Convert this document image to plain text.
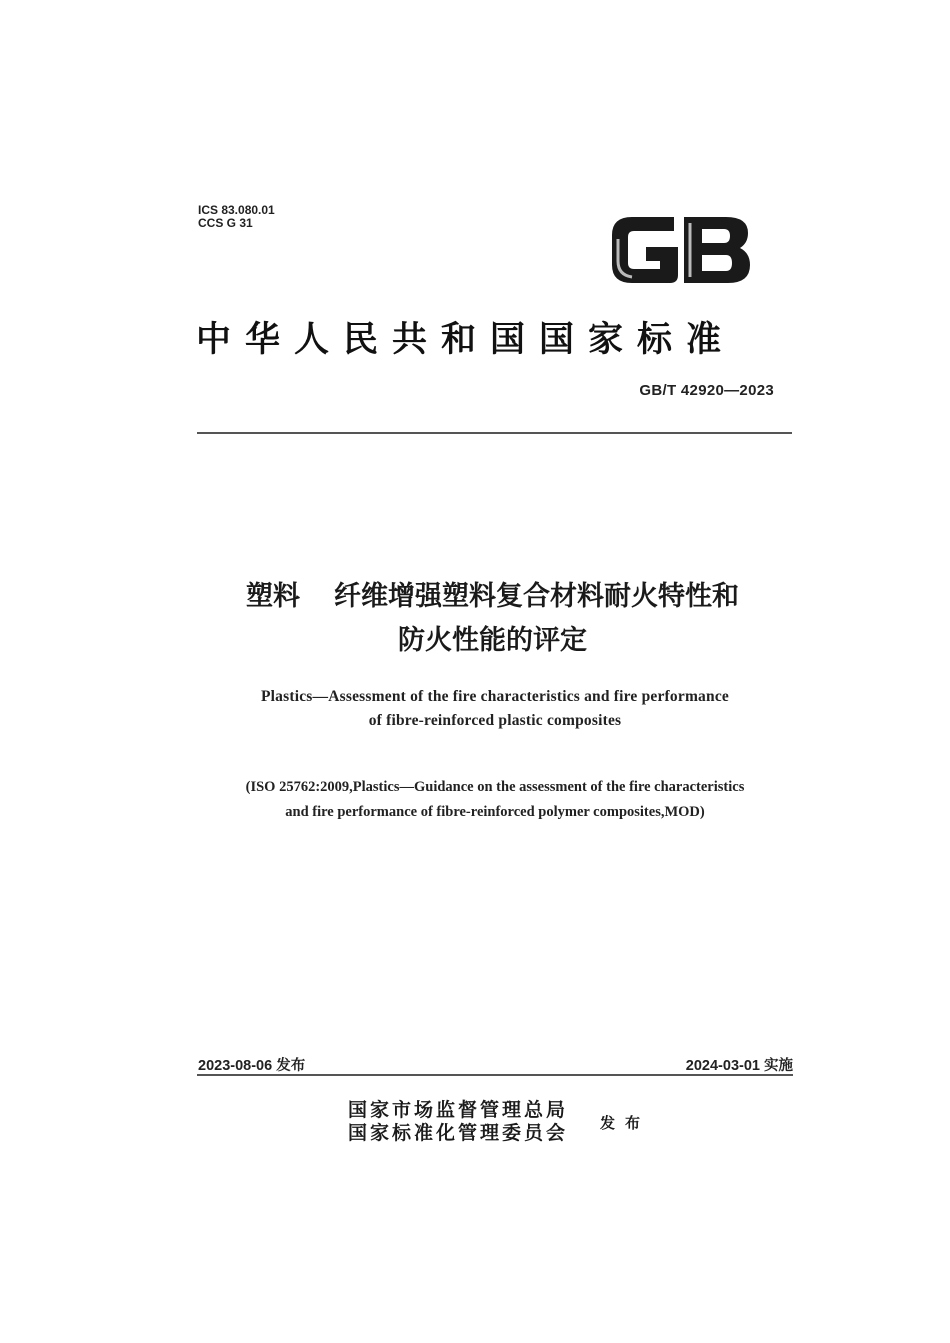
ICS 83.080.01
CCS G 31
中华人民共和国国家标准
GB/T 42920—2023
塑料 纤维增强塑料复合材料耐火特性和
防火性能的评定
Plastics—Assessment of the fire characteristics and fire performance
of fibre-reinforced plastic composites
(ISO 25762:2009,Plastics—Guidance on the assessment of the fire characteristics
and fire performance of fibre-reinforced polymer composites,MOD)
2023-08-06 发布	2024-03-01 实施
国家市场监督管理总局
国家标准化管理委员会 发布
